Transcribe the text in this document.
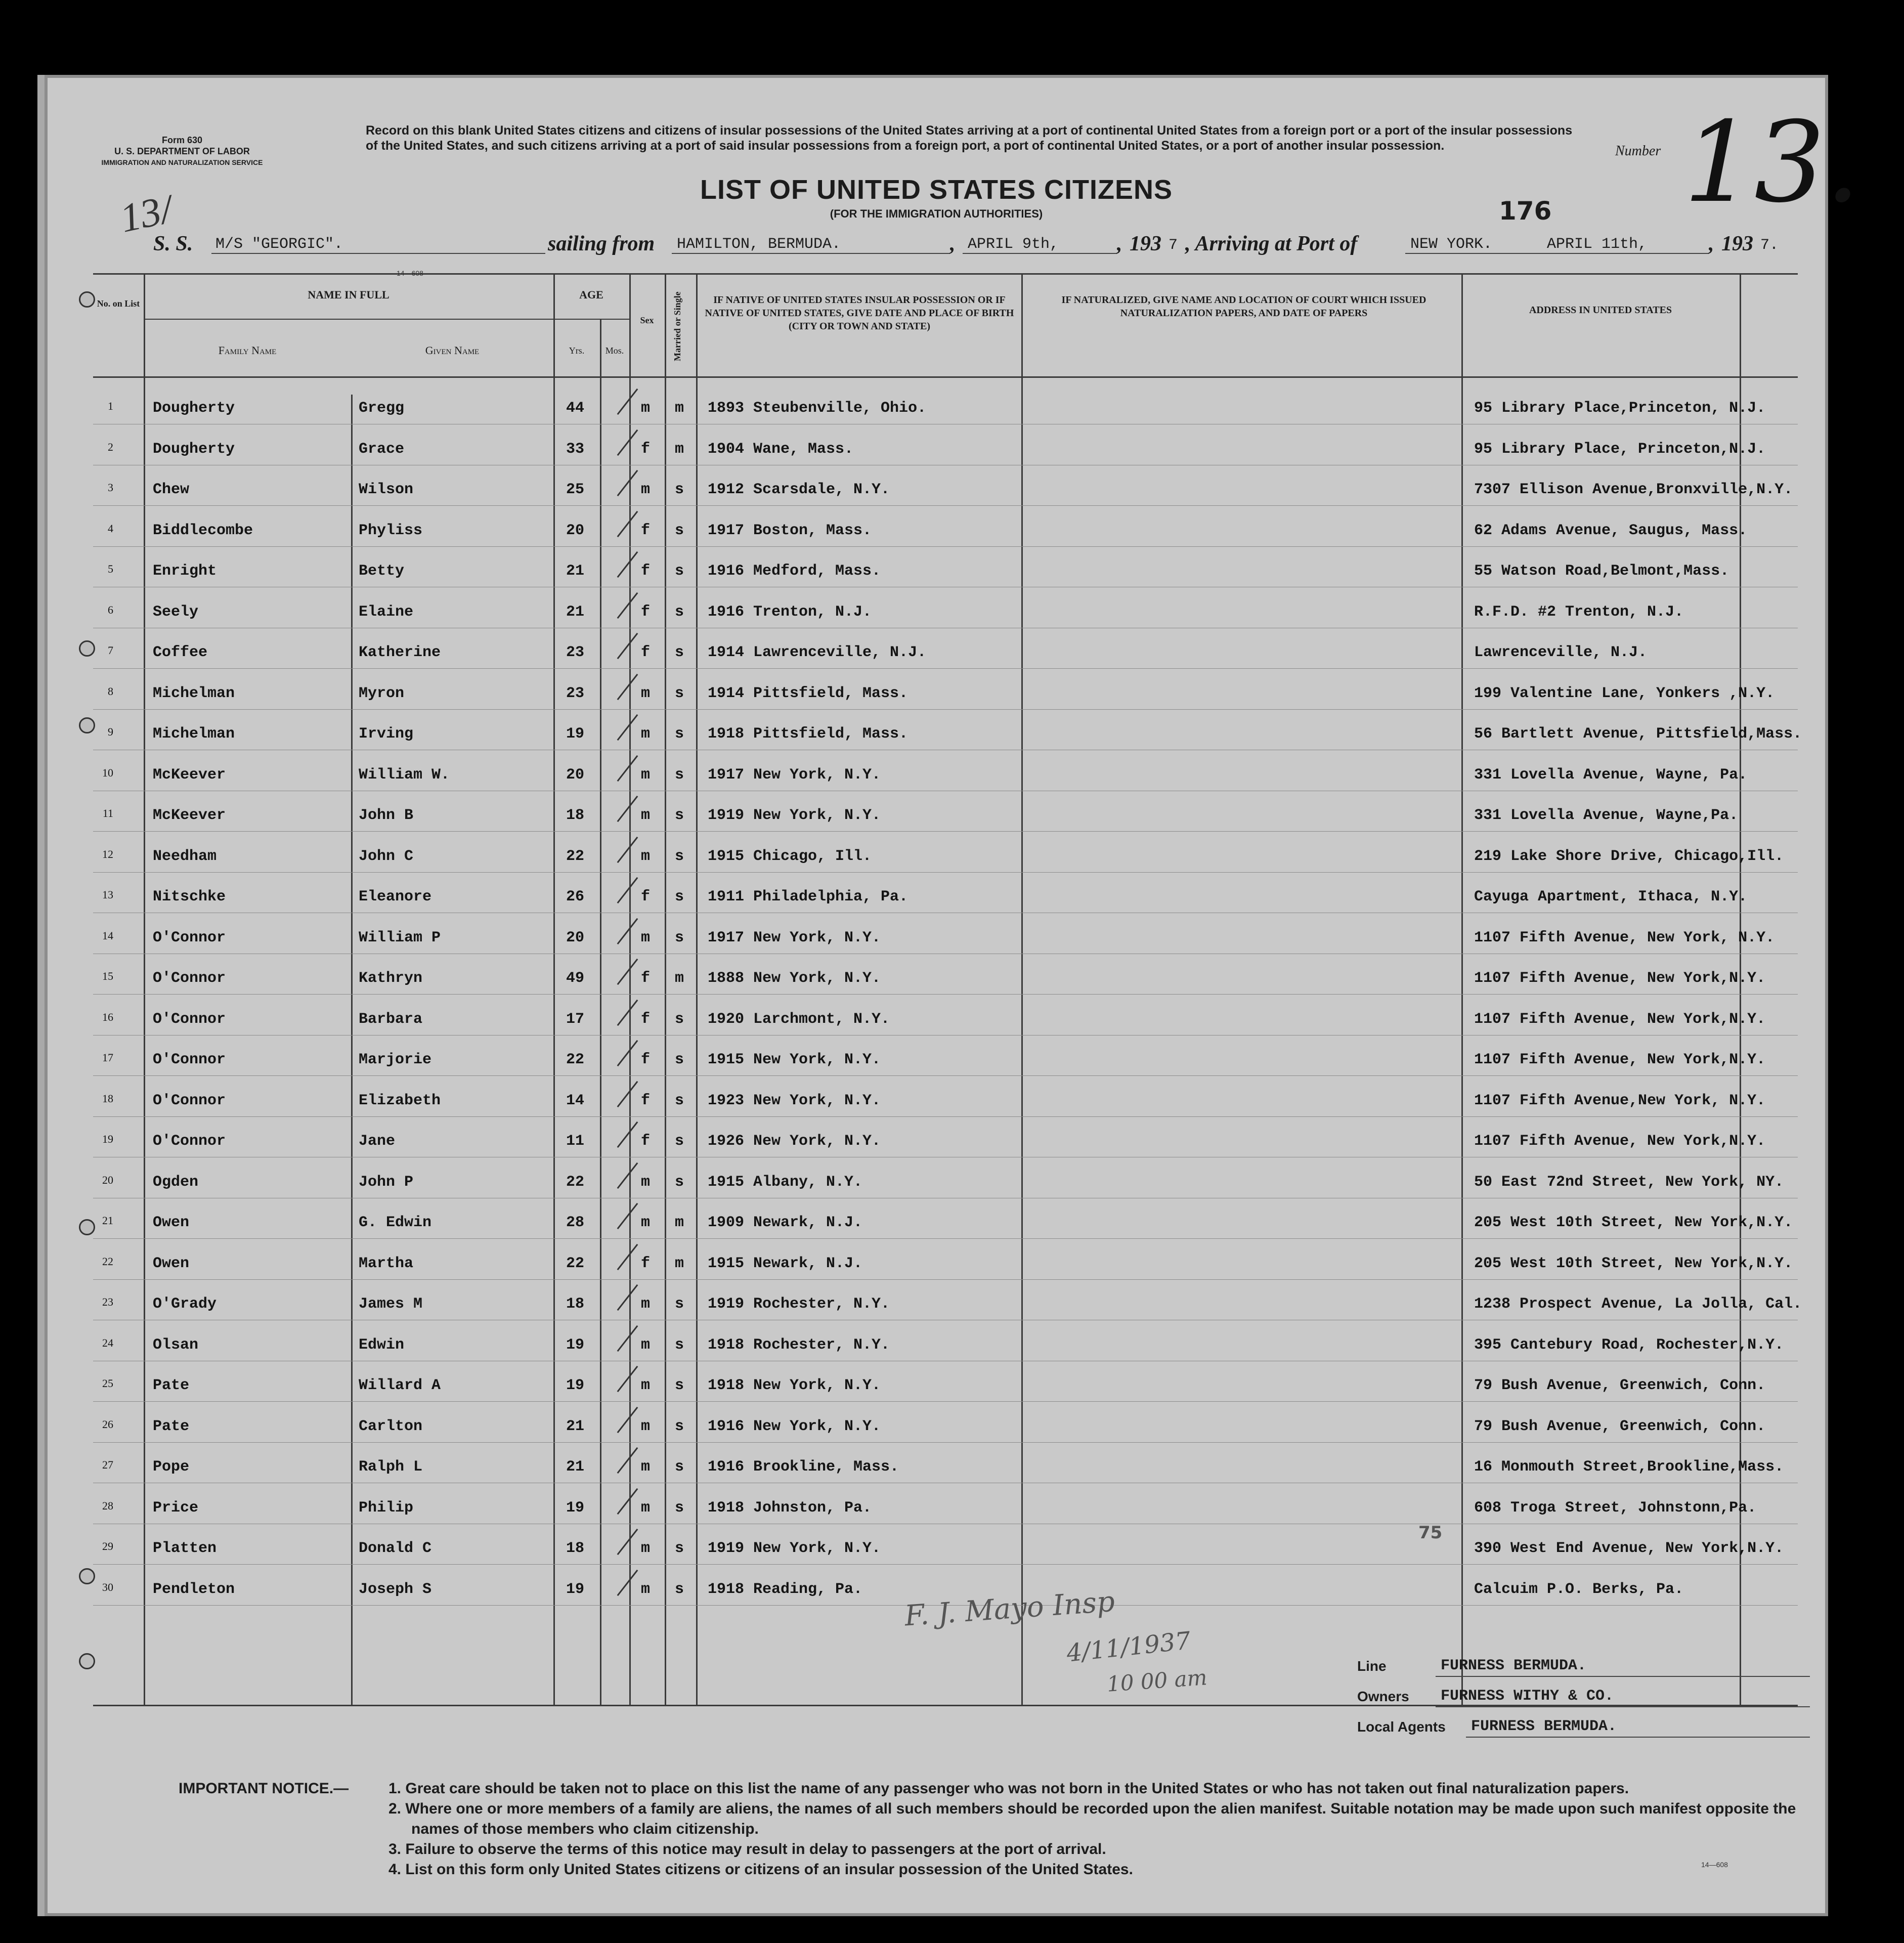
Form 630
U. S. DEPARTMENT OF LABOR
IMMIGRATION AND NATURALIZATION SERVICE
Record on this blank United States citizens and citizens of insular possessions of the United States arriving at a port of continental United States from a foreign port or a port of the insular possessions of the United States, and such citizens arriving at a port of said insular possessions from a foreign port, a port of continental United States, or a port of another insular possession.
LIST OF UNITED STATES CITIZENS
(FOR THE IMMIGRATION AUTHORITIES)
Number 13.
176
13/
S. S. M/S "GEORGIC".	sailing from HAMILTON, BERMUDA.	, APRIL 9th,	, 193 7 , Arriving at Port of	NEW YORK.	APRIL 11th,	, 193 7.
No. on List
NAME IN FULL
Family Name	Given Name
AGE
Yrs.	Mos.
Sex	Married or Single	IF NATIVE OF UNITED STATES INSULAR POSSESSION OR IF NATIVE OF UNITED STATES, GIVE DATE AND PLACE OF BIRTH (CITY OR TOWN AND STATE)
IF NATURALIZED, GIVE NAME AND LOCATION OF COURT WHICH ISSUED NATURALIZATION PAPERS, AND DATE OF PAPERS	ADDRESS IN UNITED STATES
14—608
1	Dougherty	Gregg	44	m m 1893 Steubenville, Ohio.	95 Library Place,Princeton, N.J.
2	Dougherty	Grace	33	f m 1904 Wane, Mass.	95 Library Place, Princeton,N.J.
3	Chew	Wilson	25	m s 1912 Scarsdale, N.Y.	7307 Ellison Avenue,Bronxville,N.Y.
4	Biddlecombe	Phyliss	20	f s 1917 Boston, Mass.	62 Adams Avenue, Saugus, Mass.
5	Enright	Betty	21	f s 1916 Medford, Mass.	55 Watson Road,Belmont,Mass.
6	Seely	Elaine	21	f s 1916 Trenton, N.J.	R.F.D. #2 Trenton, N.J.
7	Coffee	Katherine	23	f s 1914 Lawrenceville, N.J.	Lawrenceville, N.J.
8	Michelman	Myron	23	m s 1914 Pittsfield, Mass.	199 Valentine Lane, Yonkers ,N.Y.
9	Michelman	Irving	19	m s 1918 Pittsfield, Mass.	56 Bartlett Avenue, Pittsfield,Mass.
10	McKeever	William W.	20	m s 1917 New York, N.Y.	331 Lovella Avenue, Wayne, Pa.
11	McKeever	John B	18	m s 1919 New York, N.Y.	331 Lovella Avenue, Wayne,Pa.
12	Needham	John C	22	m s 1915 Chicago, Ill.	219 Lake Shore Drive, Chicago,Ill.
13	Nitschke	Eleanore	26	f s 1911 Philadelphia, Pa.	Cayuga Apartment, Ithaca, N.Y.
14	O'Connor	William P	20	m s 1917 New York, N.Y.	1107 Fifth Avenue, New York, N.Y.
15	O'Connor	Kathryn	49	f m 1888 New York, N.Y.	1107 Fifth Avenue, New York,N.Y.
16	O'Connor	Barbara	17	f s 1920 Larchmont, N.Y.	1107 Fifth Avenue, New York,N.Y.
17	O'Connor	Marjorie	22	f s 1915 New York, N.Y.	1107 Fifth Avenue, New York,N.Y.
18	O'Connor	Elizabeth	14	f s 1923 New York, N.Y.	1107 Fifth Avenue,New York, N.Y.
19	O'Connor	Jane	11	f s 1926 New York, N.Y.	1107 Fifth Avenue, New York,N.Y.
20	Ogden	John P	22	m s 1915 Albany, N.Y.	50 East 72nd Street, New York, NY.
21	Owen	G. Edwin	28	m m 1909 Newark, N.J.	205 West 10th Street, New York,N.Y.
22	Owen	Martha	22	f m 1915 Newark, N.J.	205 West 10th Street, New York,N.Y.
23	O'Grady	James M	18	m s 1919 Rochester, N.Y.	1238 Prospect Avenue, La Jolla, Cal.
24	Olsan	Edwin	19	m s 1918 Rochester, N.Y.	395 Cantebury Road, Rochester,N.Y.
25	Pate	Willard A	19	m s 1918 New York, N.Y.	79 Bush Avenue, Greenwich, Conn.
26	Pate	Carlton	21	m s 1916 New York, N.Y.	79 Bush Avenue, Greenwich, Conn.
27	Pope	Ralph L	21	m s 1916 Brookline, Mass.	16 Monmouth Street,Brookline,Mass.
28	Price	Philip	19	m s 1918 Johnston, Pa.	608 Troga Street, Johnstonn,Pa.
29	Platten	Donald C	18	m s 1919 New York, N.Y.	390 West End Avenue, New York,N.Y.
30	Pendleton	Joseph S	19	m s 1918 Reading, Pa.	Calcuim P.O. Berks, Pa.
75
F. J. Mayo Insp
4/11/1937
10 00 am	Line	FURNESS BERMUDA.
Owners FURNESS WITHY & CO.
Local Agents FURNESS BERMUDA.
IMPORTANT NOTICE.—	1. Great care should be taken not to place on this list the name of any passenger who was not born in the United States or who has not taken out final naturalization papers.

2. Where one or more members of a family are aliens, the names of all such members should be recorded upon the alien manifest. Suitable notation may be made upon such manifest opposite the names of those members who claim citizenship.

3. Failure to observe the terms of this notice may result in delay to passengers at the port of arrival.

4. List on this form only United States citizens or citizens of an insular possession of the United States.	14—608
